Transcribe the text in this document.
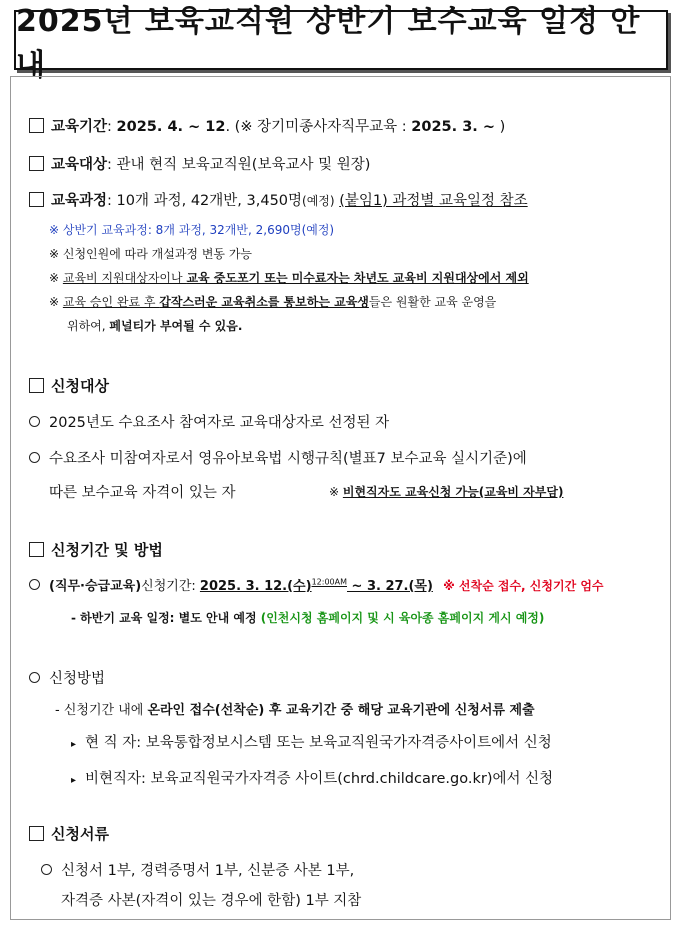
2025년 보육교직원 상반기 보수교육 일정 안내
교육기간: 2025. 4. ~ 12. (※ 장기미종사자직무교육 : 2025. 3. ~ )
교육대상: 관내 현직 보육교직원(보육교사 및 원장)
교육과정: 10개 과정, 42개반, 3,450명(예정) (붙임1) 과정별 교육일정 참조
※ 상반기 교육과정: 8개 과정, 32개반, 2,690명(예정)
※ 신청인원에 따라 개설과정 변동 가능
※ 교육비 지원대상자이나 교육 중도포기 또는 미수료자는 차년도 교육비 지원대상에서 제외
※ 교육 승인 완료 후 갑작스러운 교육취소를 통보하는 교육생들은 원활한 교육 운영을
위하여, 페널티가 부여될 수 있음.
신청대상
2025년도 수요조사 참여자로 교육대상자로 선정된 자
수요조사 미참여자로서 영유아보육법 시행규칙(별표7 보수교육 실시기준)에
따른 보수교육 자격이 있는 자	※ 비현직자도 교육신청 가능(교육비 자부담)
신청기간 및 방법
(직무·승급교육)신청기간: 2025. 3. 12.(수)$^{12:00AM}$ ~ 3. 27.(목) ※ 선착순 접수, 신청기간 엄수
- 하반기 교육 일정: 별도 안내 예정 (인천시청 홈페이지 및 시 육아종 홈페이지 게시 예정)
신청방법
- 신청기간 내에 온라인 접수(선착순) 후 교육기간 중 해당 교육기관에 신청서류 제출
▸ 현 직 자: 보육통합정보시스템 또는 보육교직원국가자격증사이트에서 신청
▸ 비현직자: 보육교직원국가자격증 사이트(chrd.childcare.go.kr)에서 신청
신청서류
신청서 1부, 경력증명서 1부, 신분증 사본 1부,
자격증 사본(자격이 있는 경우에 한함) 1부 지참
